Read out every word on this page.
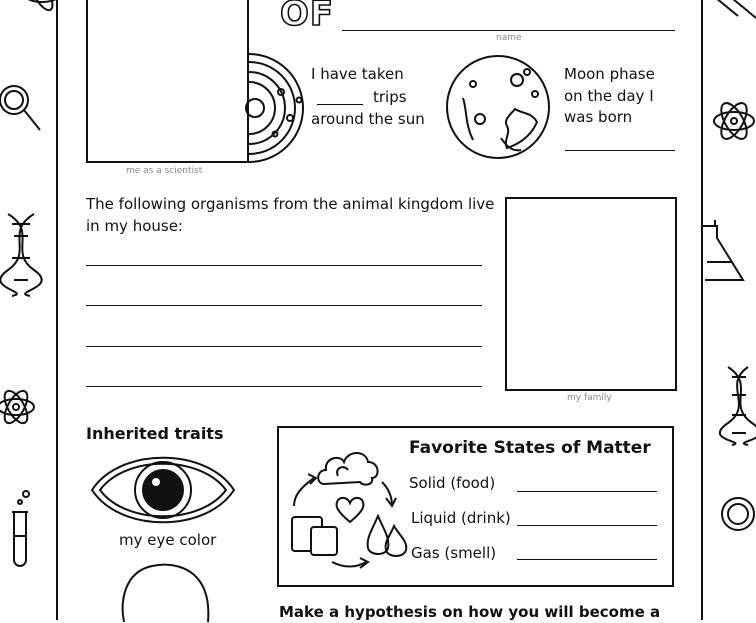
OF
name
me as a scientist
I have taken
trips
around the sun
Moon phase
on the day I
was born
The following organisms from the animal kingdom live
in my house:
my family
Inherited traits
my eye color
Favorite States of Matter
Solid (food)
Liquid (drink)
Gas (smell)
Make a hypothesis on how you will become a
